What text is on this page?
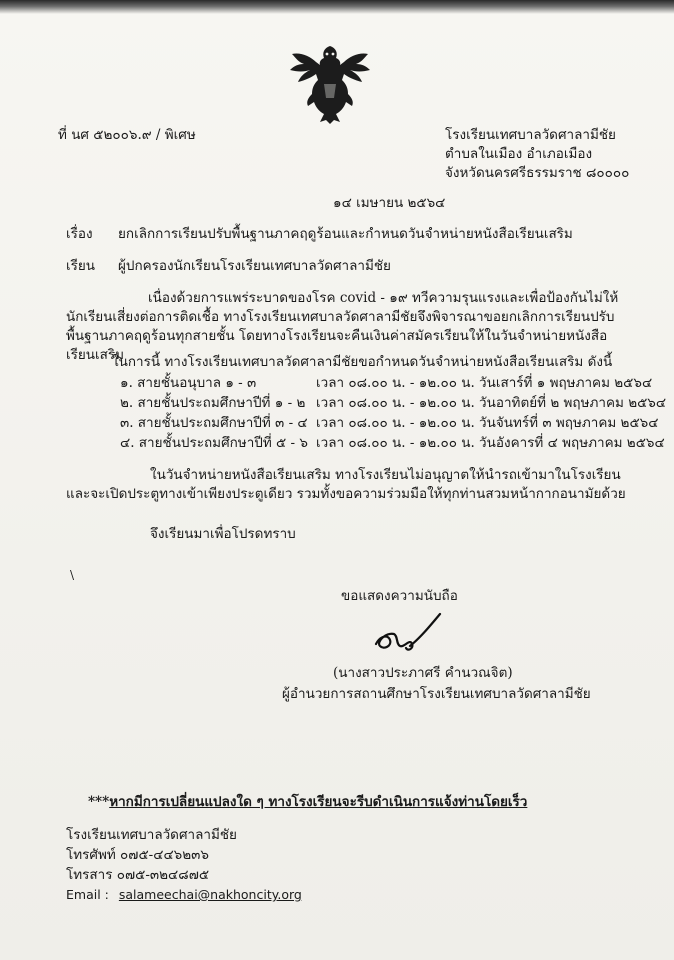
ที่ นศ ๕๒๐๐๖.๙ / พิเศษ	โรงเรียนเทศบาลวัดศาลามีชัย
ตำบลในเมือง อำเภอเมือง
จังหวัดนครศรีธรรมราช ๘๐๐๐๐
๑๔ เมษายน ๒๕๖๔
เรื่อง ยกเลิกการเรียนปรับพื้นฐานภาคฤดูร้อนและกำหนดวันจำหน่ายหนังสือเรียนเสริม
เรียน ผู้ปกครองนักเรียนโรงเรียนเทศบาลวัดศาลามีชัย
เนื่องด้วยการแพร่ระบาดของโรค covid - ๑๙ ทวีความรุนแรงและเพื่อป้องกันไม่ให้นักเรียนเสี่ยงต่อการติดเชื้อ ทางโรงเรียนเทศบาลวัดศาลามีชัยจึงพิจารณาขอยกเลิกการเรียนปรับพื้นฐานภาคฤดูร้อนทุกสายชั้น โดยทางโรงเรียนจะคืนเงินค่าสมัครเรียนให้ในวันจำหน่ายหนังสือเรียนเสริม
ในการนี้ ทางโรงเรียนเทศบาลวัดศาลามีชัยขอกำหนดวันจำหน่ายหนังสือเรียนเสริม ดังนี้
๑. สายชั้นอนุบาล ๑ - ๓	เวลา ๐๘.๐๐ น. - ๑๒.๐๐ น. วันเสาร์ที่ ๑ พฤษภาคม ๒๕๖๔
๒. สายชั้นประถมศึกษาปีที่ ๑ - ๒ เวลา ๐๘.๐๐ น. - ๑๒.๐๐ น. วันอาทิตย์ที่ ๒ พฤษภาคม ๒๕๖๔
๓. สายชั้นประถมศึกษาปีที่ ๓ - ๔ เวลา ๐๘.๐๐ น. - ๑๒.๐๐ น. วันจันทร์ที่ ๓ พฤษภาคม ๒๕๖๔
๔. สายชั้นประถมศึกษาปีที่ ๕ - ๖ เวลา ๐๘.๐๐ น. - ๑๒.๐๐ น. วันอังคารที่ ๔ พฤษภาคม ๒๕๖๔
ในวันจำหน่ายหนังสือเรียนเสริม ทางโรงเรียนไม่อนุญาตให้นำรถเข้ามาในโรงเรียน และจะเปิดประตูทางเข้าเพียงประตูเดียว รวมทั้งขอความร่วมมือให้ทุกท่านสวมหน้ากากอนามัยด้วย
จึงเรียนมาเพื่อโปรดทราบ
\
ขอแสดงความนับถือ
(นางสาวประภาศรี คำนวณจิต)
ผู้อำนวยการสถานศึกษาโรงเรียนเทศบาลวัดศาลามีชัย
***หากมีการเปลี่ยนแปลงใด ๆ ทางโรงเรียนจะรีบดำเนินการแจ้งท่านโดยเร็ว
โรงเรียนเทศบาลวัดศาลามีชัย
โทรศัพท์ ๐๗๕-๔๔๖๒๓๖
โทรสาร ๐๗๕-๓๒๔๘๗๕
Email : salameechai@nakhoncity.org
